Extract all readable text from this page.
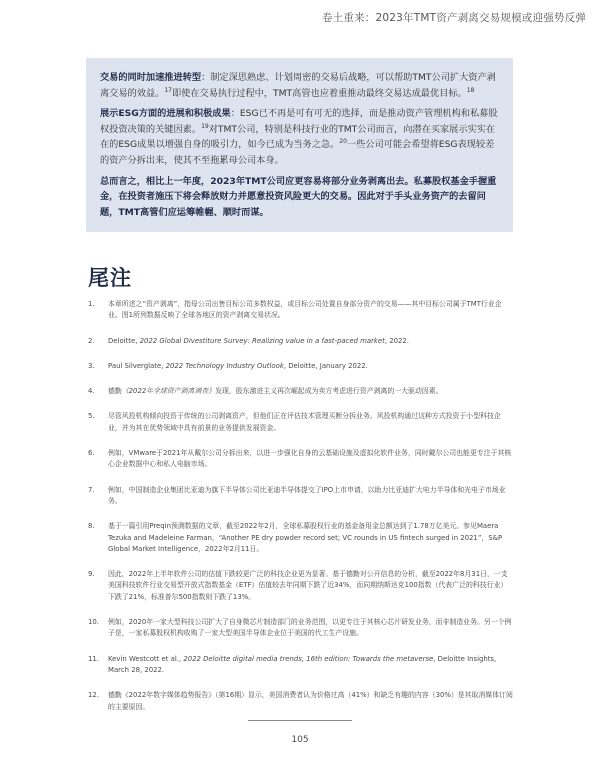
卷土重来：2023年TMT资产剥离交易规模或迎强势反弹

交易的同时加速推进转型：制定深思熟虑、计划周密的交易后战略，可以帮助TMT公司扩大资产剥离交易的效益。$^{17}$即使在交易执行过程中，TMT高管也应着重推动最终交易达成最优目标。$^{18}$

展示ESG方面的进展和积极成果：ESG已不再是可有可无的选择，而是推动资产管理机构和私募股权投资决策的关键因素。$^{19}$对TMT公司，特别是科技行业的TMT公司而言，向潜在买家展示实实在在的ESG成果以增强自身的吸引力，如今已成为当务之急。$^{20}$一些公司可能会希望将ESG表现较差的资产分拆出来，使其不至拖累母公司本身。

总而言之，相比上一年度，2023年TMT公司应更容易将部分业务剥离出去。私募股权基金手握重金，在投资者施压下将会释放财力并愿意投资风险更大的交易。因此对于手头业务资产的去留问题，TMT高管们应运筹帷幄、顺时而谋。

尾注
1. 本章所述之“资产剥离”，指母公司出售目标公司多数权益，或目标公司处置自身部分资产的交易——其中目标公司属于TMT行业企业。图1所列数据反映了全球各地区的资产剥离交易状况。
2. Deloitte, 2022 Global Divestiture Survey: Realizing value in a fast-paced market, 2022.
3. Paul Silverglate, 2022 Technology Industry Outlook, Deloitte, January 2022.
4. 德勤《2022年全球资产剥离调查》发现，股东激进主义再次崛起成为卖方考虑进行资产剥离的一大驱动因素。
5. 尽管风投机构倾向投资于传统的公司剥离资产，但他们正在评估技术管理买断分拆业务。风投机构通过这种方式投资于小型科技企业，并为其在优势领域中具有前景的业务提供发展资金。
6. 例如，VMware于2021年从戴尔公司分拆出来，以进一步强化自身的云基础设施及虚拟化软件业务，同时戴尔公司也能更专注于其核心企业数据中心和私人电脑市场。
7. 例如，中国制造企业集团比亚迪为旗下半导体公司比亚迪半导体提交了IPO上市申请，以助力比亚迪扩大电力半导体和光电子市场业务。
8. 基于一篇引用Preqin预测数据的文章，截至2022年2月，全球私募股权行业的基金备用金总额达到了1.78万亿美元。参见Maera Tezuka and Madeleine Farman，“Another PE dry powder record set; VC rounds in US fintech surged in 2021”，S&P Global Market Intelligence，2022年2月11日。
9. 因此，2022年上半年软件公司的估值下跌较更广泛的科技企业更为显著。基于德勤对公开信息的分析，截至2022年8月31日，一支美国科技软件行业交易型开放式指数基金（ETF）估值较去年同期下跌了近34%，而同期纳斯达克100指数（代表广泛的科技行业）下跌了21%，标准普尔500指数则下跌了13%。
10. 例如，2020年一家大型科技公司扩大了自身微芯片制造部门的业务范围，以更专注于其核心芯片研发业务，而非制造业务。另一个例子是，一家私募股权机构收购了一家大型美国半导体企业位于美国的代工生产设施。
11. Kevin Westcott et al., 2022 Deloitte digital media trends, 16th edition: Towards the metaverse, Deloitte Insights, March 28, 2022.
12. 德勤《2022年数字媒体趋势报告》（第16期）显示，美国消费者认为价格过高（41%）和缺乏有趣的内容（30%）是其取消媒体订阅的主要原因。
105
